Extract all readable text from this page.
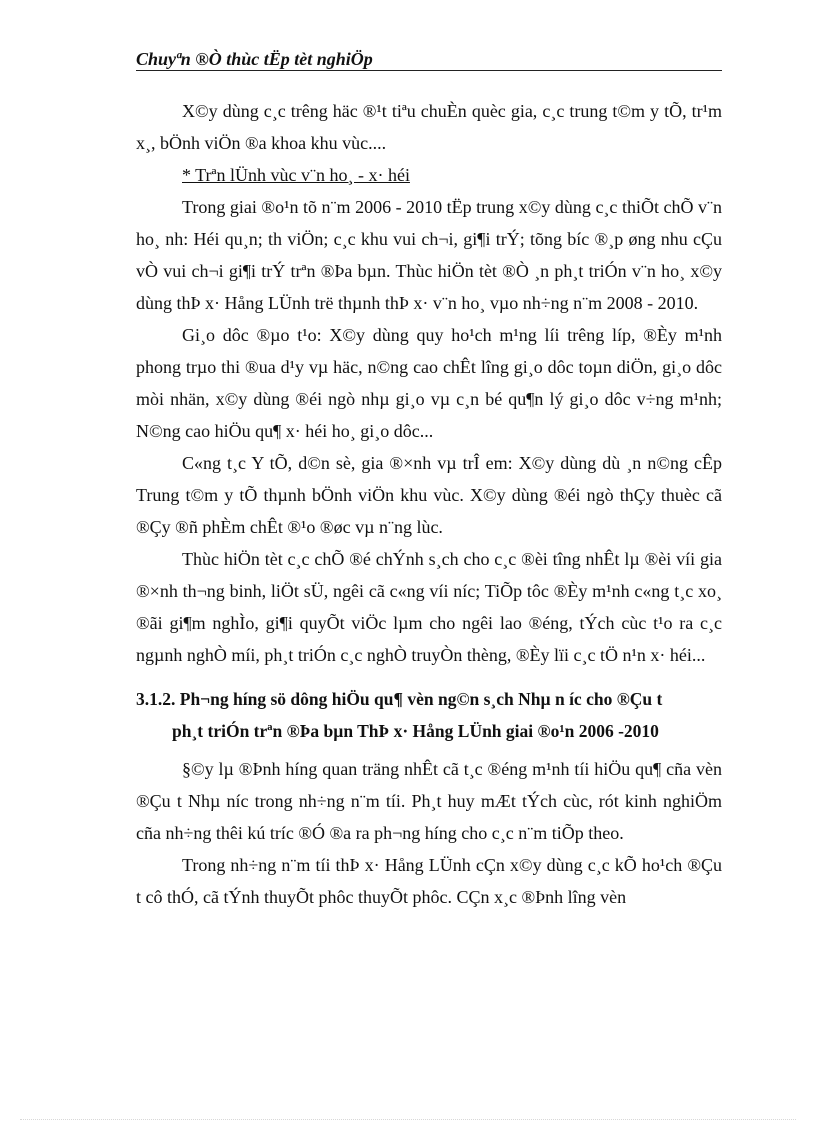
Chuyªn ®Ò thùc tËp tèt nghiÖp

X©y dùng c¸c trêng häc ®¹t tiªu chuÈn quèc gia, c¸c trung t©m y tÕ, tr¹m x¸, bÖnh viÖn ®a khoa khu vùc....

* Trªn lÜnh vùc v¨n ho¸ - x· héi

Trong giai ®o¹n tõ n¨m 2006 - 2010 tËp trung x©y dùng c¸c thiÕt chÕ v¨n ho¸ nh: Héi qu¸n; th viÖn; c¸c khu vui ch¬i, gi¶i trÝ; tõng bíc ®¸p øng nhu cÇu vÒ vui ch¬i gi¶i trÝ trªn ®Þa bµn. Thùc hiÖn tèt ®Ò ¸n ph¸t triÓn v¨n ho¸ x©y dùng thÞ x· Hång LÜnh trë thµnh thÞ x· v¨n ho¸ vµo nh÷ng n¨m 2008 - 2010.

Gi¸o dôc ®µo t¹o: X©y dùng quy ho¹ch m¹ng líi trêng líp, ®Èy m¹nh phong trµo thi ®ua d¹y vµ häc, n©ng cao chÊt lîng gi¸o dôc toµn diÖn, gi¸o dôc mòi nhän, x©y dùng ®éi ngò nhµ gi¸o vµ c¸n bé qu¶n lý gi¸o dôc v÷ng m¹nh; N©ng cao hiÖu qu¶ x· héi ho¸ gi¸o dôc...

C«ng t¸c Y tÕ, d©n sè, gia ®×nh vµ trÎ em: X©y dùng dù ¸n n©ng cÊp Trung t©m y tÕ thµnh bÖnh viÖn khu vùc. X©y dùng ®éi ngò thÇy thuèc cã ®Çy ®ñ phÈm chÊt ®¹o ®øc vµ n¨ng lùc.

Thùc hiÖn tèt c¸c chÕ ®é chÝnh s¸ch cho c¸c ®èi tîng nhÊt lµ ®èi víi gia ®×nh th¬ng binh, liÖt sÜ, ngêi cã c«ng víi níc; TiÕp tôc ®Èy m¹nh c«ng t¸c xo¸ ®ãi gi¶m nghÌo, gi¶i quyÕt viÖc lµm cho ngêi lao ®éng, tÝch cùc t¹o ra c¸c ngµnh nghÒ míi, ph¸t triÓn c¸c nghÒ truyÒn thèng, ®Èy lïi c¸c tÖ n¹n x· héi...

3.1.2. Ph¬ng híng sö dông hiÖu qu¶ vèn ng©n s¸ch Nhµ n íc cho ®Çu t
ph¸t triÓn trªn ®Þa bµn ThÞ x· Hång LÜnh giai ®o¹n 2006 -2010

§©y lµ ®Þnh híng quan träng nhÊt cã t¸c ®éng m¹nh tíi hiÖu qu¶ cña vèn ®Çu t Nhµ níc trong nh÷ng n¨m tíi. Ph¸t huy mÆt tÝch cùc, rót kinh nghiÖm cña nh÷ng thêi kú tríc ®Ó ®a ra ph¬ng híng cho c¸c n¨m tiÕp theo.

Trong nh÷ng n¨m tíi thÞ x· Hång LÜnh cÇn x©y dùng c¸c kÕ ho¹ch ®Çu t cô thÓ, cã tÝnh thuyÕt phôc thuyÕt phôc. CÇn x¸c ®Þnh lîng vèn
